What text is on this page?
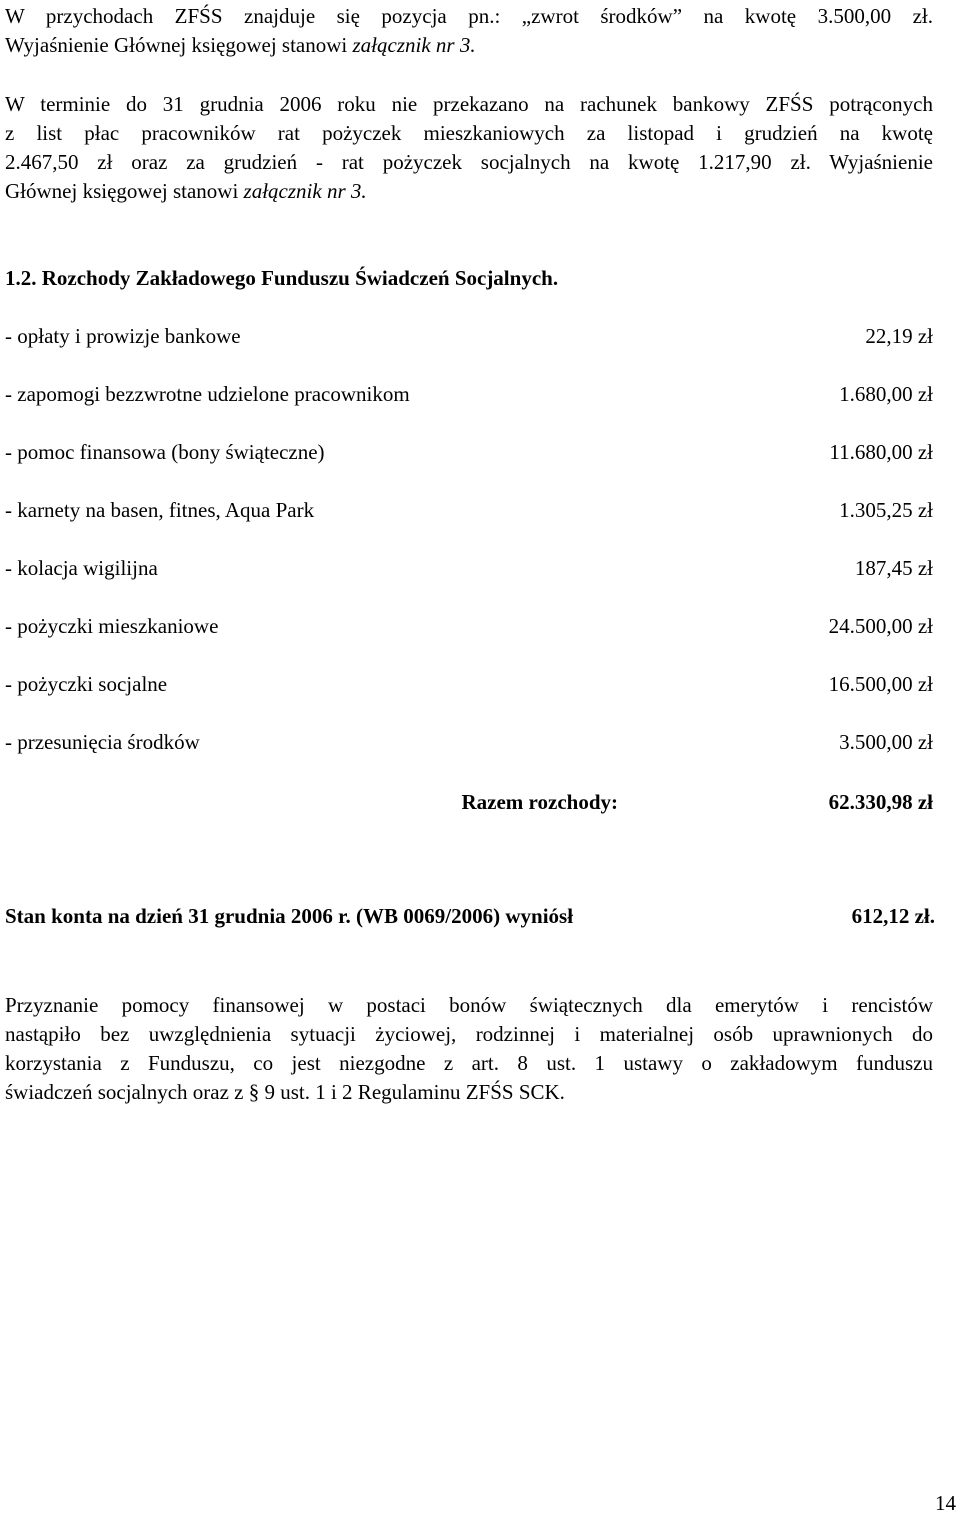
W przychodach ZFŚS znajduje się pozycja pn.: „zwrot środków” na kwotę 3.500,00 zł.
Wyjaśnienie Głównej księgowej stanowi załącznik nr 3.
W terminie do 31 grudnia 2006 roku nie przekazano na rachunek bankowy ZFŚS potrąconych
z list płac pracowników rat pożyczek mieszkaniowych za listopad i grudzień na kwotę
2.467,50 zł oraz za grudzień - rat pożyczek socjalnych na kwotę 1.217,90 zł. Wyjaśnienie
Głównej księgowej stanowi załącznik nr 3.
1.2. Rozchody Zakładowego Funduszu Świadczeń Socjalnych.
- opłaty i prowizje bankowe	22,19 zł
- zapomogi bezzwrotne udzielone pracownikom	1.680,00 zł
- pomoc finansowa (bony świąteczne)	11.680,00 zł
- karnety na basen, fitnes, Aqua Park	1.305,25 zł
- kolacja wigilijna	187,45 zł
- pożyczki mieszkaniowe	24.500,00 zł
- pożyczki socjalne	16.500,00 zł
- przesunięcia środków	3.500,00 zł
Razem rozchody:	62.330,98 zł
Stan konta na dzień 31 grudnia 2006 r. (WB 0069/2006) wyniósł	612,12 zł.
Przyznanie pomocy finansowej w postaci bonów świątecznych dla emerytów i rencistów
nastąpiło bez uwzględnienia sytuacji życiowej, rodzinnej i materialnej osób uprawnionych do
korzystania z Funduszu, co jest niezgodne z art. 8 ust. 1 ustawy o zakładowym funduszu
świadczeń socjalnych oraz z § 9 ust. 1 i 2 Regulaminu ZFŚS SCK.
14
